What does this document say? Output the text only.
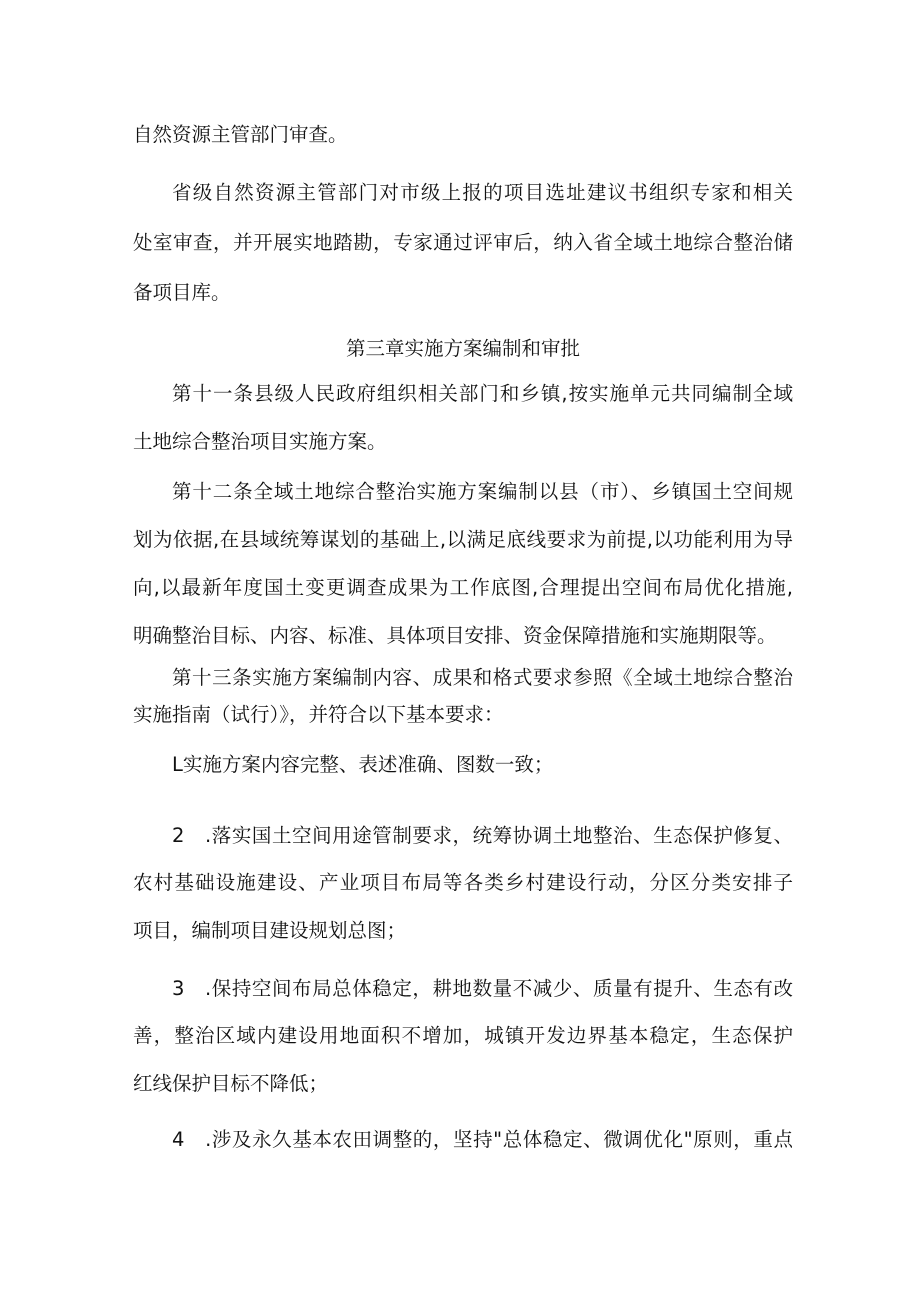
自然资源主管部门审查。
省级自然资源主管部门对市级上报的项目选址建议书组织专家和相关
处室审查，并开展实地踏勘，专家通过评审后，纳入省全域土地综合整治储
备项目库。
第三章实施方案编制和审批
第十一条县级人民政府组织相关部门和乡镇,按实施单元共同编制全域
土地综合整治项目实施方案。
第十二条全域土地综合整治实施方案编制以县（市）、乡镇国土空间规
划为依据,在县域统筹谋划的基础上,以满足底线要求为前提,以功能利用为导
向,以最新年度国土变更调查成果为工作底图,合理提出空间布局优化措施,
明确整治目标、内容、标准、具体项目安排、资金保障措施和实施期限等。
第十三条实施方案编制内容、成果和格式要求参照《全域土地综合整治
实施指南（试行）》，并符合以下基本要求：
L实施方案内容完整、表述准确、图数一致；
2　.落实国土空间用途管制要求，统筹协调土地整治、生态保护修复、
农村基础设施建设、产业项目布局等各类乡村建设行动，分区分类安排子
项目，编制项目建设规划总图；
3　.保持空间布局总体稳定，耕地数量不减少、质量有提升、生态有改
善，整治区域内建设用地面积不增加，城镇开发边界基本稳定，生态保护
红线保护目标不降低；
4　.涉及永久基本农田调整的，坚持"总体稳定、微调优化"原则，重点
